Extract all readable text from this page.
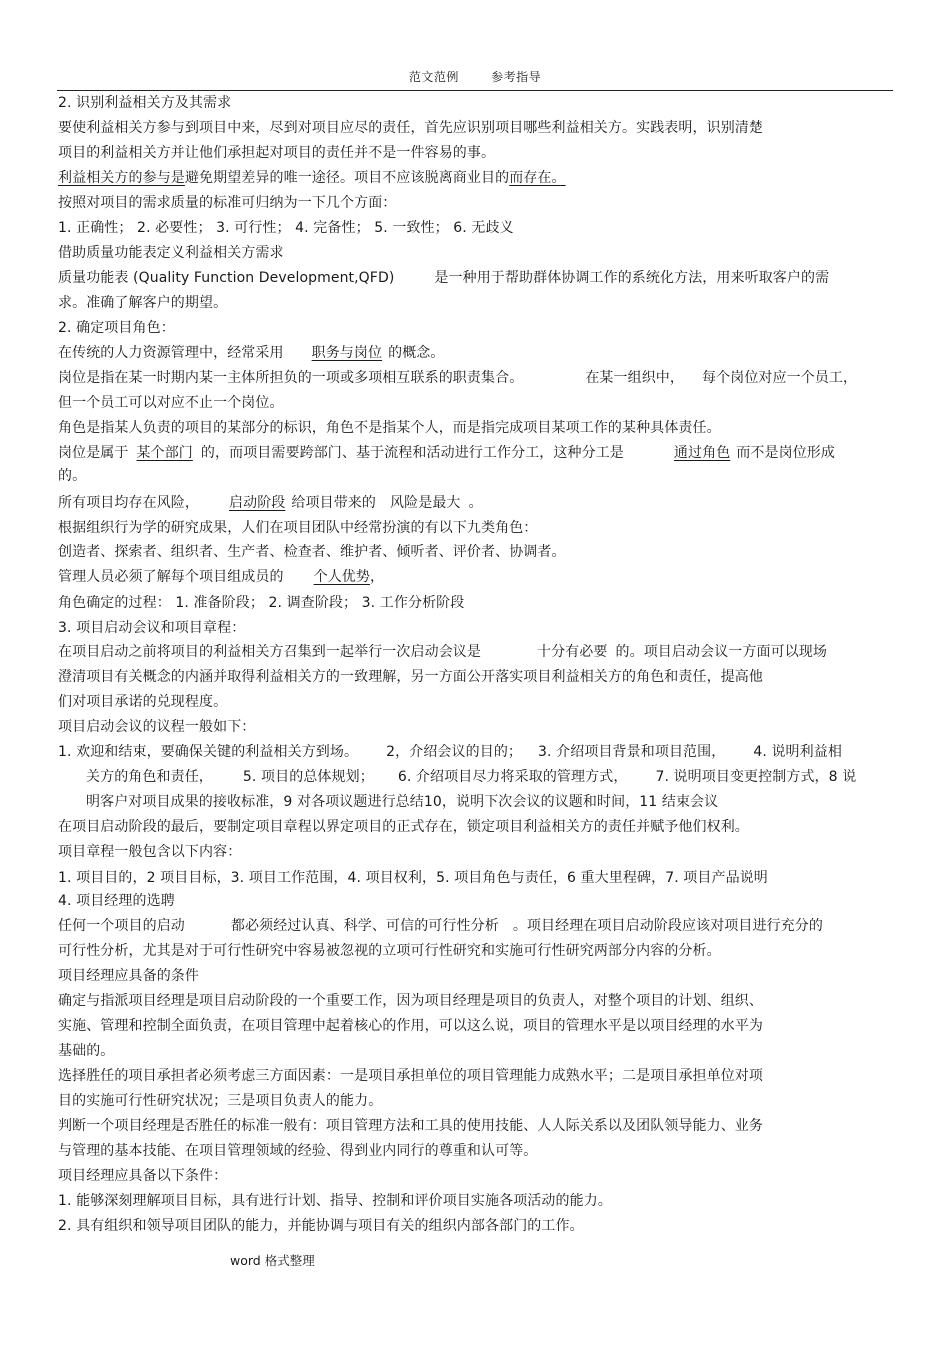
范文范例	参考指导
2. 识别利益相关方及其需求
要使利益相关方参与到项目中来，尽到对项目应尽的责任，首先应识别项目哪些利益相关方。实践表明，识别清楚
项目的利益相关方并让他们承担起对项目的责任并不是一件容易的事。
利益相关方的参与是避免期望差异的唯一途径。项目不应该脱离商业目的而存在。
按照对项目的需求质量的标准可归纳为一下几个方面：
1. 正确性； 2. 必要性； 3. 可行性； 4. 完备性； 5. 一致性； 6. 无歧义
借助质量功能表定义利益相关方需求
质量功能表 (Quality Function Development,QFD)	是一种用于帮助群体协调工作的系统化方法，用来听取客户的需
求。准确了解客户的期望。
2. 确定项目角色：
在传统的人力资源管理中，经常采用 职务与岗位 的概念。
岗位是指在某一时期内某一主体所担负的一项或多项相互联系的职责集合。	在某一组织中， 每个岗位对应一个员工，
但一个员工可以对应不止一个岗位。
角色是指某人负责的项目的某部分的标识，角色不是指某个人，而是指完成项目某项工作的某种具体责任。
岗位是属于 某个部门 的，而项目需要跨部门、基于流程和活动进行工作分工，这种分工是	通过角色 而不是岗位形成
的。
所有项目均存在风险， 启动阶段 给项目带来的 风险是最大 。
根据组织行为学的研究成果，人们在项目团队中经常扮演的有以下九类角色：
创造者、探索者、组织者、生产者、检查者、维护者、倾听者、评价者、协调者。
管理人员必须了解每个项目组成员的 个人优势，
角色确定的过程： 1. 准备阶段； 2. 调查阶段； 3. 工作分析阶段
3. 项目启动会议和项目章程：
在项目启动之前将项目的利益相关方召集到一起举行一次启动会议是	十分有必要 的。项目启动会议一方面可以现场
澄清项目有关概念的内涵并取得利益相关方的一致理解，另一方面公开落实项目利益相关方的角色和责任，提高他
们对项目承诺的兑现程度。
项目启动会议的议程一般如下：
1. 欢迎和结束，要确保关键的利益相关方到场。 2，介绍会议的目的； 3. 介绍项目背景和项目范围， 4. 说明利益相
关方的角色和责任， 5. 项目的总体规划； 6. 介绍项目尽力将采取的管理方式， 7. 说明项目变更控制方式，8 说
明客户对项目成果的接收标准，9 对各项议题进行总结10，说明下次会议的议题和时间，11 结束会议
在项目启动阶段的最后，要制定项目章程以界定项目的正式存在，锁定项目利益相关方的责任并赋予他们权利。
项目章程一般包含以下内容：
1. 项目目的，2 项目目标，3. 项目工作范围，4. 项目权利，5. 项目角色与责任，6 重大里程碑，7. 项目产品说明
4. 项目经理的选聘
任何一个项目的启动	都必须经过认真、科学、可信的可行性分析 。项目经理在项目启动阶段应该对项目进行充分的
可行性分析，尤其是对于可行性研究中容易被忽视的立项可行性研究和实施可行性研究两部分内容的分析。
项目经理应具备的条件
确定与指派项目经理是项目启动阶段的一个重要工作，因为项目经理是项目的负责人，对整个项目的计划、组织、
实施、管理和控制全面负责，在项目管理中起着核心的作用，可以这么说，项目的管理水平是以项目经理的水平为
基础的。
选择胜任的项目承担者必须考虑三方面因素：一是项目承担单位的项目管理能力成熟水平；二是项目承担单位对项
目的实施可行性研究状况；三是项目负责人的能力。
判断一个项目经理是否胜任的标准一般有：项目管理方法和工具的使用技能、人人际关系以及团队领导能力、业务
与管理的基本技能、在项目管理领域的经验、得到业内同行的尊重和认可等。
项目经理应具备以下条件：
1. 能够深刻理解项目目标，具有进行计划、指导、控制和评价项目实施各项活动的能力。
2. 具有组织和领导项目团队的能力，并能协调与项目有关的组织内部各部门的工作。
word 格式整理
